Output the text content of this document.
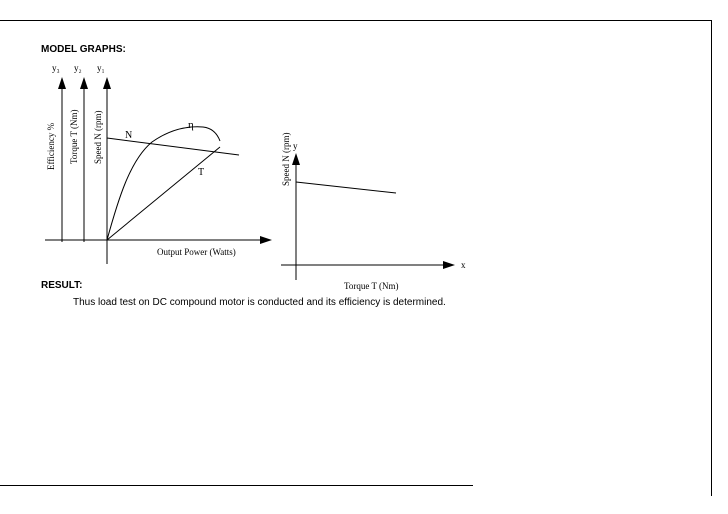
MODEL GRAPHS:
y₃ y₂ y₁
Efficiency % Torque T (Nm) Speed N (rpm)
Output Power (Watts)
N
T
η
y
Speed N (rpm)
x
Torque T (Nm)
RESULT:
Thus load test on DC compound motor is conducted and its efficiency is determined.
